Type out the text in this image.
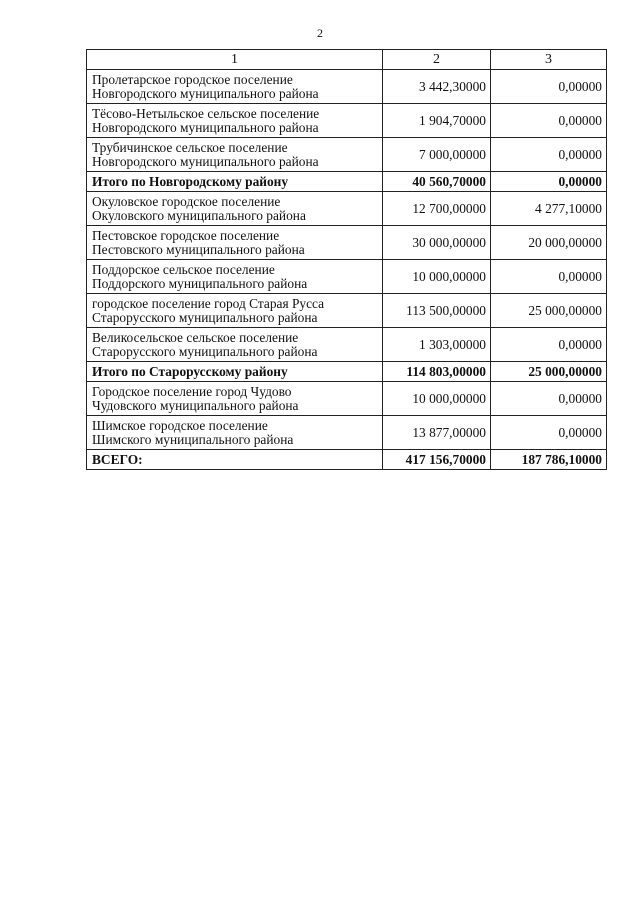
2
1	2	3

Пролетарское городское поселение
Новгородского муниципального района	3 442,30000	0,00000

Тёсово-Нетыльское сельское поселение
Новгородского муниципального района	1 904,70000	0,00000

Трубичинское сельское поселение
Новгородского муниципального района	7 000,00000	0,00000

Итого по Новгородскому району	40 560,70000	0,00000

Окуловское городское поселение
Окуловского муниципального района	12 700,00000	4 277,10000

Пестовское городское поселение
Пестовского муниципального района	30 000,00000	20 000,00000

Поддорское сельское поселение
Поддорского муниципального района	10 000,00000	0,00000

городское поселение город Старая Русса
Старорусского муниципального района	113 500,00000	25 000,00000

Великосельское сельское поселение
Старорусского муниципального района	1 303,00000	0,00000

Итого по Старорусскому району	114 803,00000	25 000,00000

Городское поселение город Чудово
Чудовского муниципального района	10 000,00000	0,00000

Шимское городское поселение
Шимского муниципального района	13 877,00000	0,00000

ВСЕГО:	417 156,70000	187 786,10000
